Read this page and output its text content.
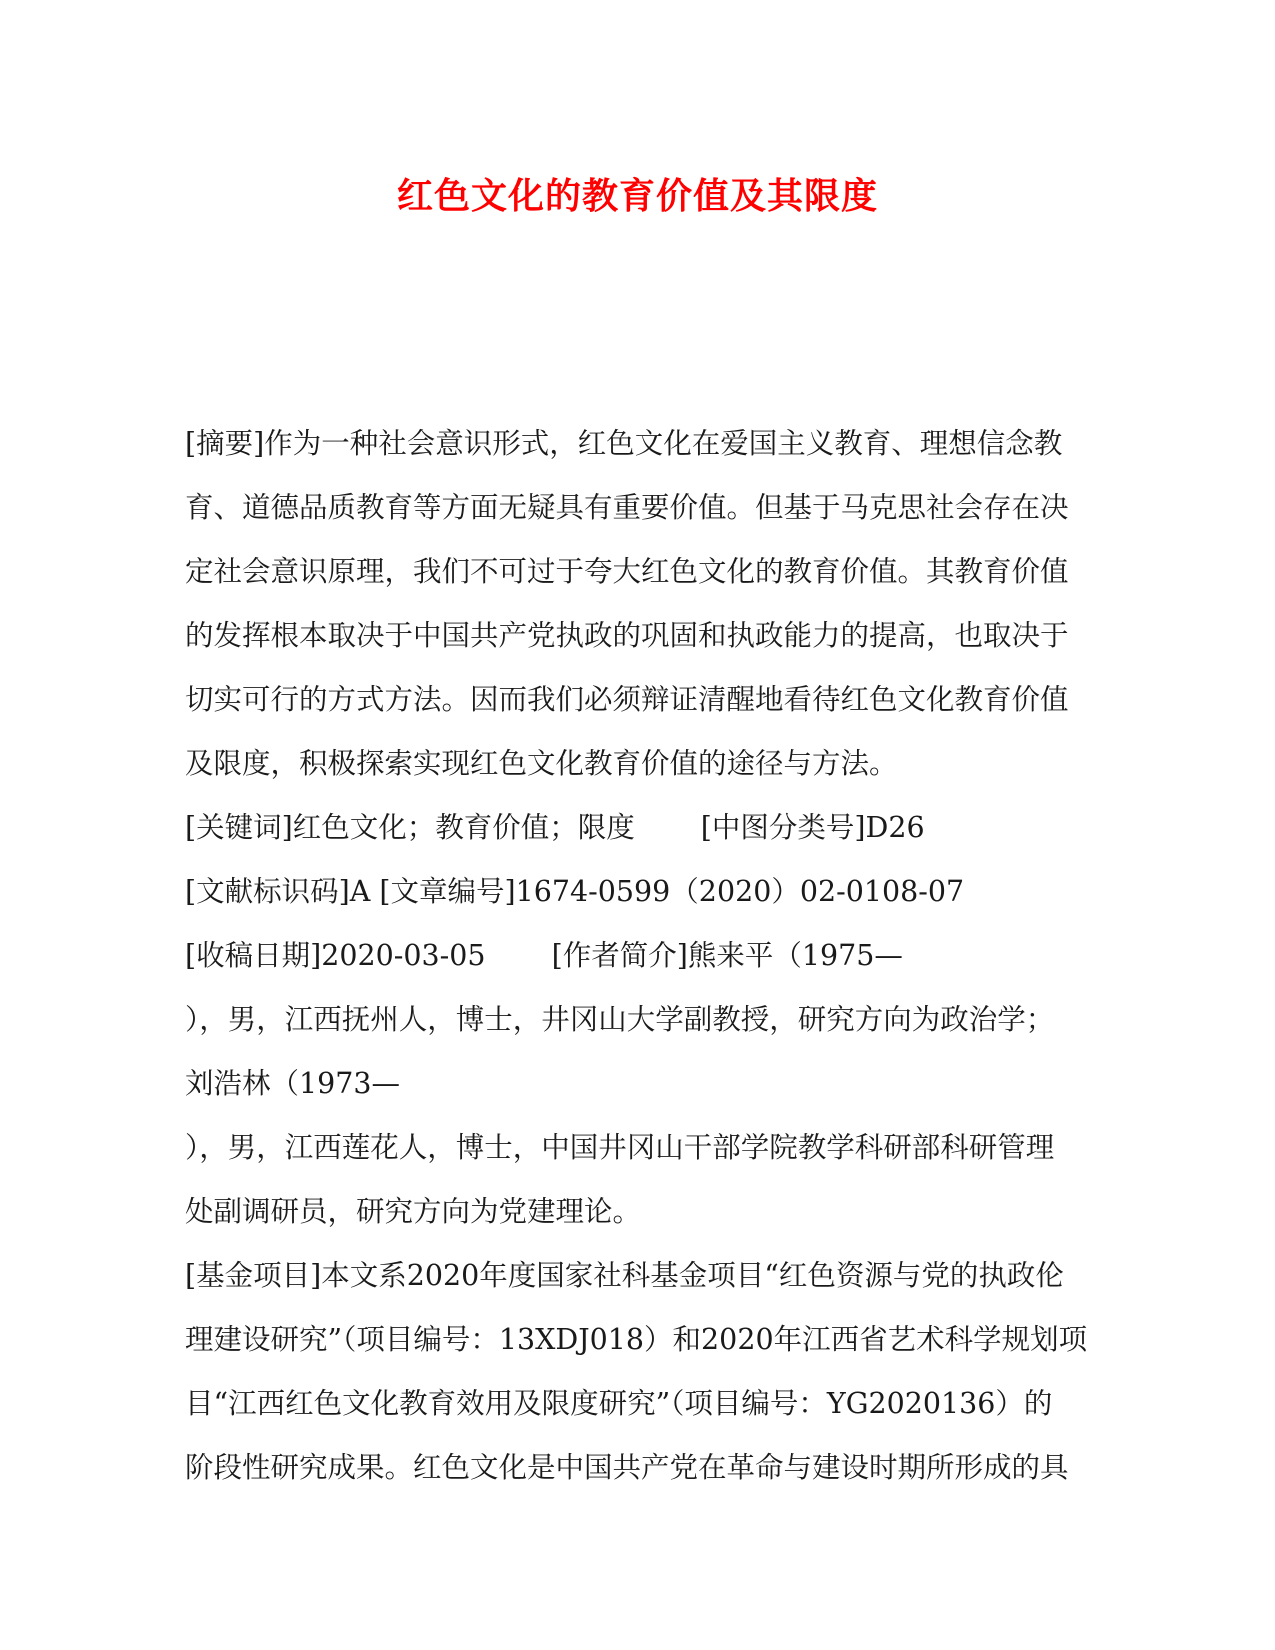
红色文化的教育价值及其限度
[摘要]作为一种社会意识形式，红色文化在爱国主义教育、理想信念教
育、道德品质教育等方面无疑具有重要价值。但基于马克思社会存在决
定社会意识原理，我们不可过于夸大红色文化的教育价值。其教育价值
的发挥根本取决于中国共产党执政的巩固和执政能力的提高，也取决于
切实可行的方式方法。因而我们必须辩证清醒地看待红色文化教育价值
及限度，积极探索实现红色文化教育价值的途径与方法。
[关键词]红色文化；教育价值；限度　　 [中图分类号]D26
[文献标识码]A [文章编号]1674-0599（2020）02-0108-07
[收稿日期]2020-03-05　　 [作者简介]熊来平（1975—
），男，江西抚州人，博士，井冈山大学副教授，研究方向为政治学；
刘浩林（1973—
），男，江西莲花人，博士，中国井冈山干部学院教学科研部科研管理
处副调研员，研究方向为党建理论。
[基金项目]本文系2020年度国家社科基金项目“红色资源与党的执政伦
理建设研究”（项目编号：13XDJ018）和2020年江西省艺术科学规划项
目“江西红色文化教育效用及限度研究”（项目编号：YG2020136）的
阶段性研究成果。红色文化是中国共产党在革命与建设时期所形成的具
